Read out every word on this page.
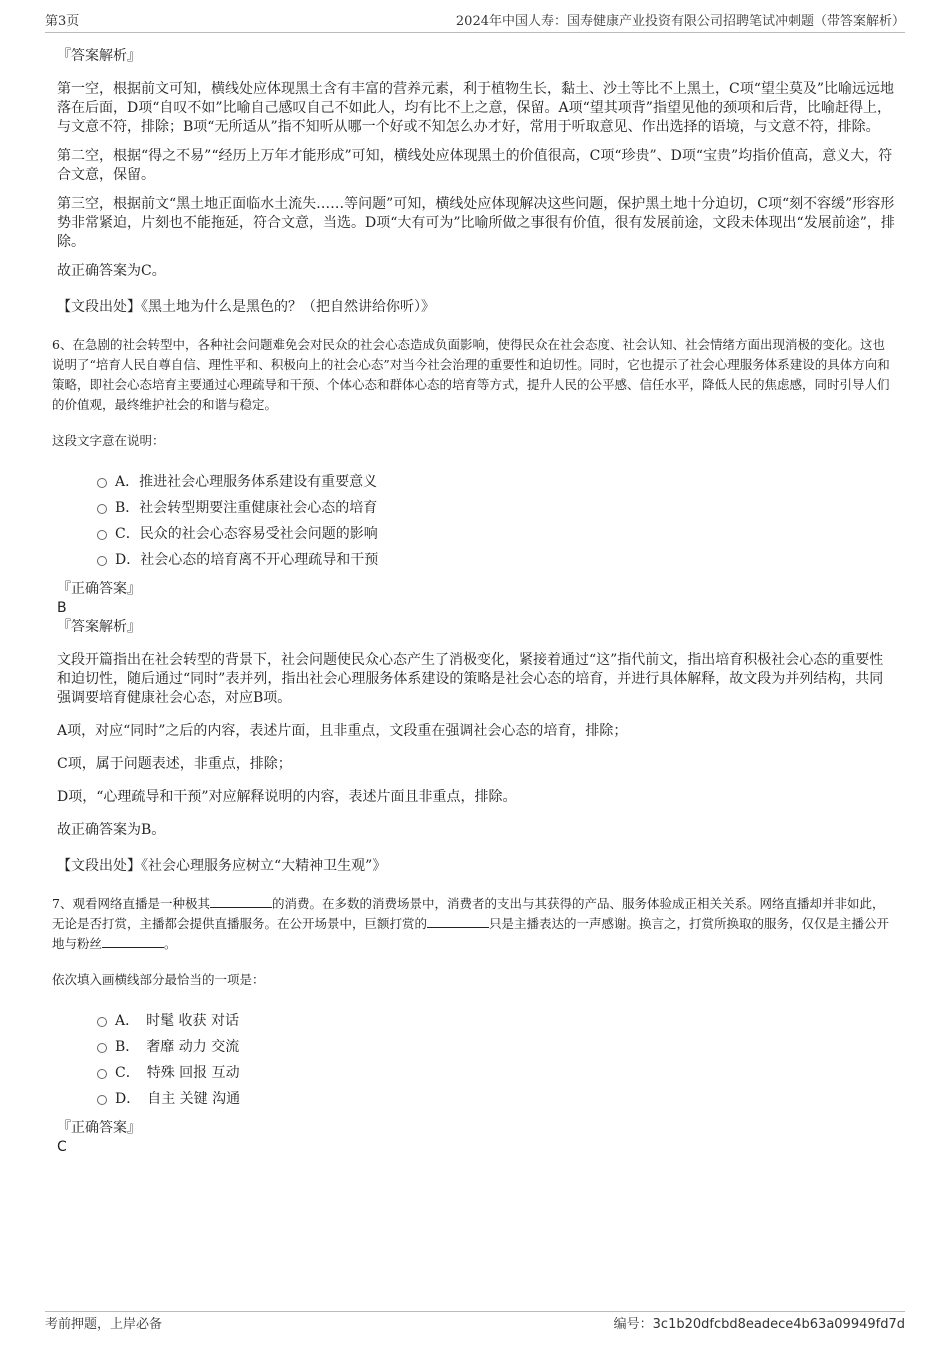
第3页	2024年中国人寿：国寿健康产业投资有限公司招聘笔试冲刺题（带答案解析）
『答案解析』

第一空，根据前文可知，横线处应体现黑土含有丰富的营养元素，利于植物生长，黏土、沙土等比不上黑土，C项“望尘莫及”比喻远远地落在后面，D项“自叹不如”比喻自己感叹自己不如此人，均有比不上之意，保留。A项“望其项背”指望见他的颈项和后背，比喻赶得上，与文意不符，排除；B项“无所适从”指不知听从哪一个好或不知怎么办才好，常用于听取意见、作出选择的语境，与文意不符，排除。

第二空，根据“得之不易”“经历上万年才能形成”可知，横线处应体现黑土的价值很高，C项“珍贵”、D项“宝贵”均指价值高，意义大，符合文意，保留。

第三空，根据前文“黑土地正面临水土流失……等问题”可知，横线处应体现解决这些问题，保护黑土地十分迫切，C项“刻不容缓”形容形势非常紧迫，片刻也不能拖延，符合文意，当选。D项“大有可为”比喻所做之事很有价值，很有发展前途，文段未体现出“发展前途”，排除。

故正确答案为C。

【文段出处】《黑土地为什么是黑色的？（把自然讲给你听）》
6、在急剧的社会转型中，各种社会问题难免会对民众的社会心态造成负面影响，使得民众在社会态度、社会认知、社会情绪方面出现消极的变化。这也说明了“培育人民自尊自信、理性平和、积极向上的社会心态”对当今社会治理的重要性和迫切性。同时，它也提示了社会心理服务体系建设的具体方向和策略，即社会心态培育主要通过心理疏导和干预、个体心态和群体心态的培育等方式，提升人民的公平感、信任水平，降低人民的焦虑感，同时引导人们的价值观，最终维护社会的和谐与稳定。
这段文字意在说明：
A．推进社会心理服务体系建设有重要意义
B．社会转型期要注重健康社会心态的培育
C．民众的社会心态容易受社会问题的影响
D．社会心态的培育离不开心理疏导和干预
『正确答案』
B
『答案解析』

文段开篇指出在社会转型的背景下，社会问题使民众心态产生了消极变化，紧接着通过“这”指代前文，指出培育积极社会心态的重要性和迫切性，随后通过“同时”表并列，指出社会心理服务体系建设的策略是社会心态的培育，并进行具体解释，故文段为并列结构，共同强调要培育健康社会心态，对应B项。

A项，对应“同时”之后的内容，表述片面，且非重点，文段重在强调社会心态的培育，排除；

C项，属于问题表述，非重点，排除；

D项，“心理疏导和干预”对应解释说明的内容，表述片面且非重点，排除。

故正确答案为B。

【文段出处】《社会心理服务应树立“大精神卫生观”》
7、观看网络直播是一种极其	的消费。在多数的消费场景中，消费者的支出与其获得的产品、服务体验成正相关关系。网络直播却并非如此，无论是否打赏，主播都会提供直播服务。在公开场景中，巨额打赏的	只是主播表达的一声感谢。换言之，打赏所换取的服务，仅仅是主播公开地与粉丝	。
依次填入画横线部分最恰当的一项是：
A．　时髦 收获 对话
B．　奢靡 动力 交流
C．　特殊 回报 互动
D．　自主 关键 沟通
『正确答案』
C
考前押题，上岸必备	编号：3c1b20dfcbd8eadece4b63a09949fd7d
